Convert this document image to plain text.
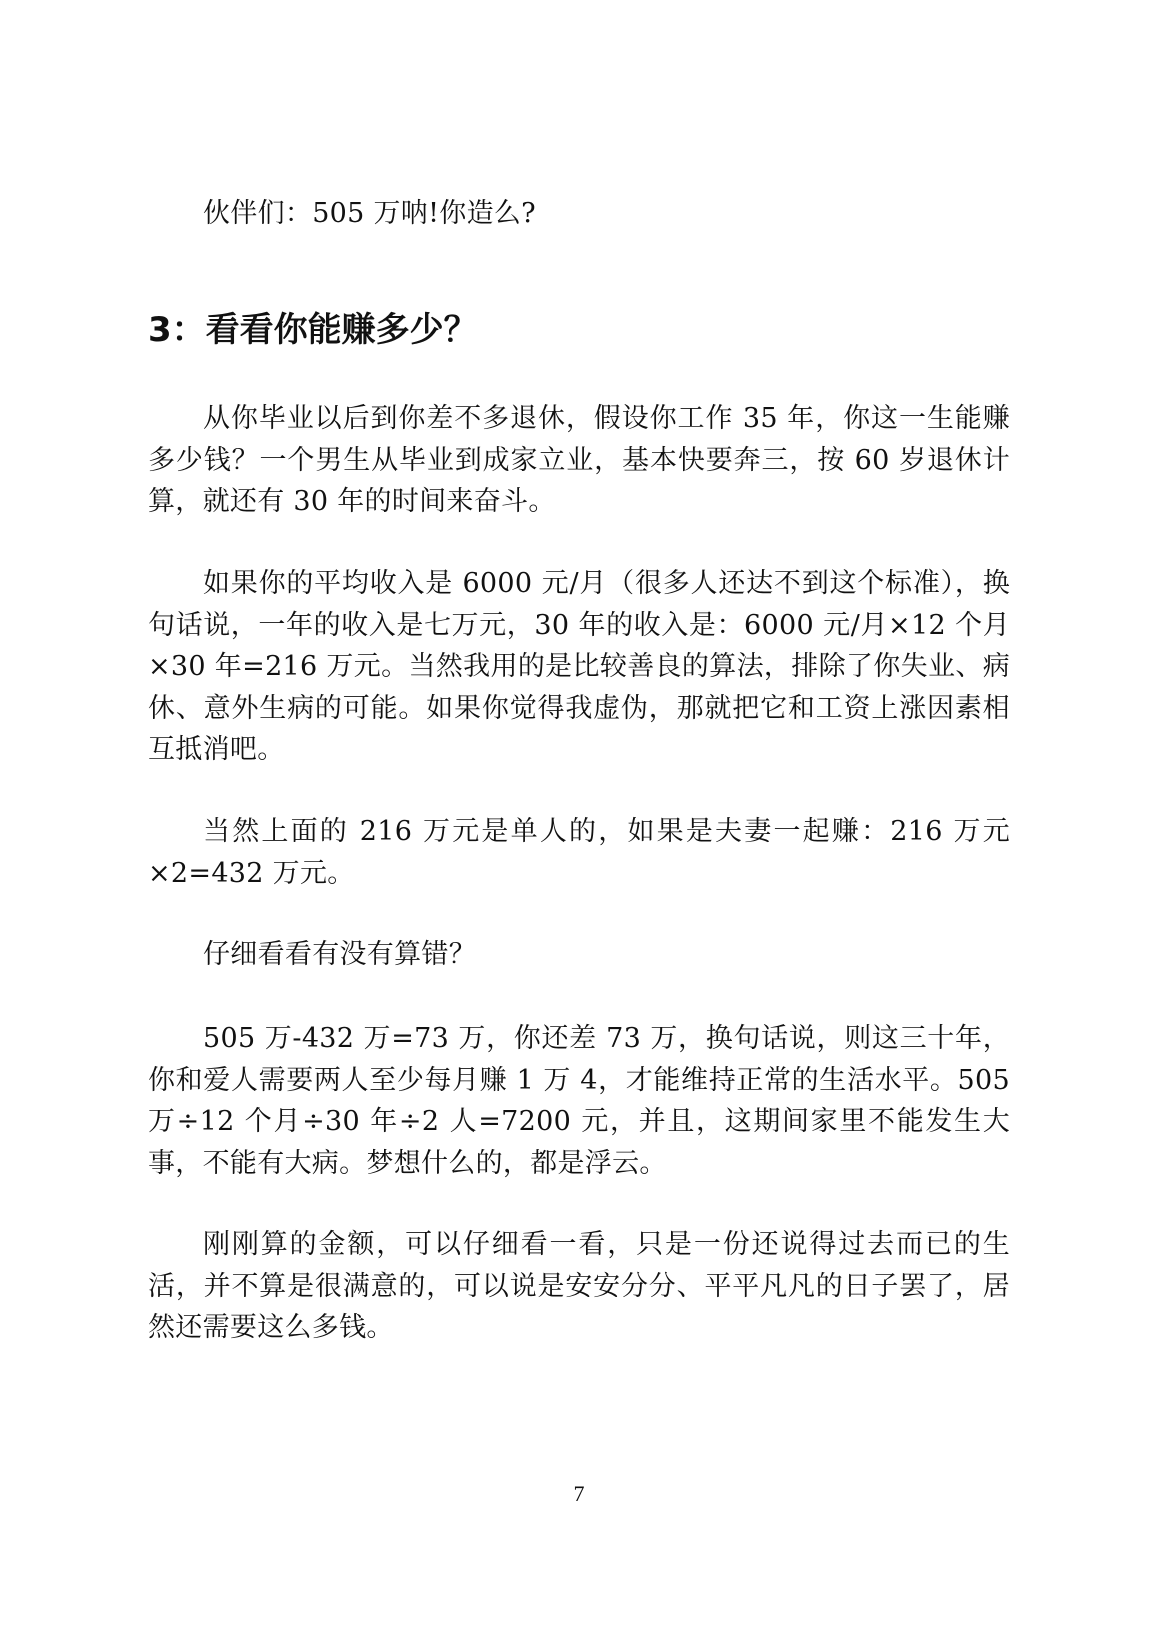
伙伴们：505 万呐!你造么?

3：看看你能赚多少？

从你毕业以后到你差不多退休，假设你工作 35 年，你这一生能赚多少钱？一个男生从毕业到成家立业，基本快要奔三，按 60 岁退休计算，就还有 30 年的时间来奋斗。

如果你的平均收入是 6000 元/月（很多人还达不到这个标准），换句话说，一年的收入是七万元，30 年的收入是：6000 元/月×12 个月×30 年=216 万元。当然我用的是比较善良的算法，排除了你失业、病休、意外生病的可能。如果你觉得我虚伪，那就把它和工资上涨因素相互抵消吧。

当然上面的 216 万元是单人的，如果是夫妻一起赚：216 万元×2=432 万元。

仔细看看有没有算错？

505 万-432 万=73 万，你还差 73 万，换句话说，则这三十年，你和爱人需要两人至少每月赚 1 万 4，才能维持正常的生活水平。505 万÷12 个月÷30 年÷2 人=7200 元，并且，这期间家里不能发生大事，不能有大病。梦想什么的，都是浮云。

刚刚算的金额，可以仔细看一看，只是一份还说得过去而已的生活，并不算是很满意的，可以说是安安分分、平平凡凡的日子罢了，居然还需要这么多钱。

7
